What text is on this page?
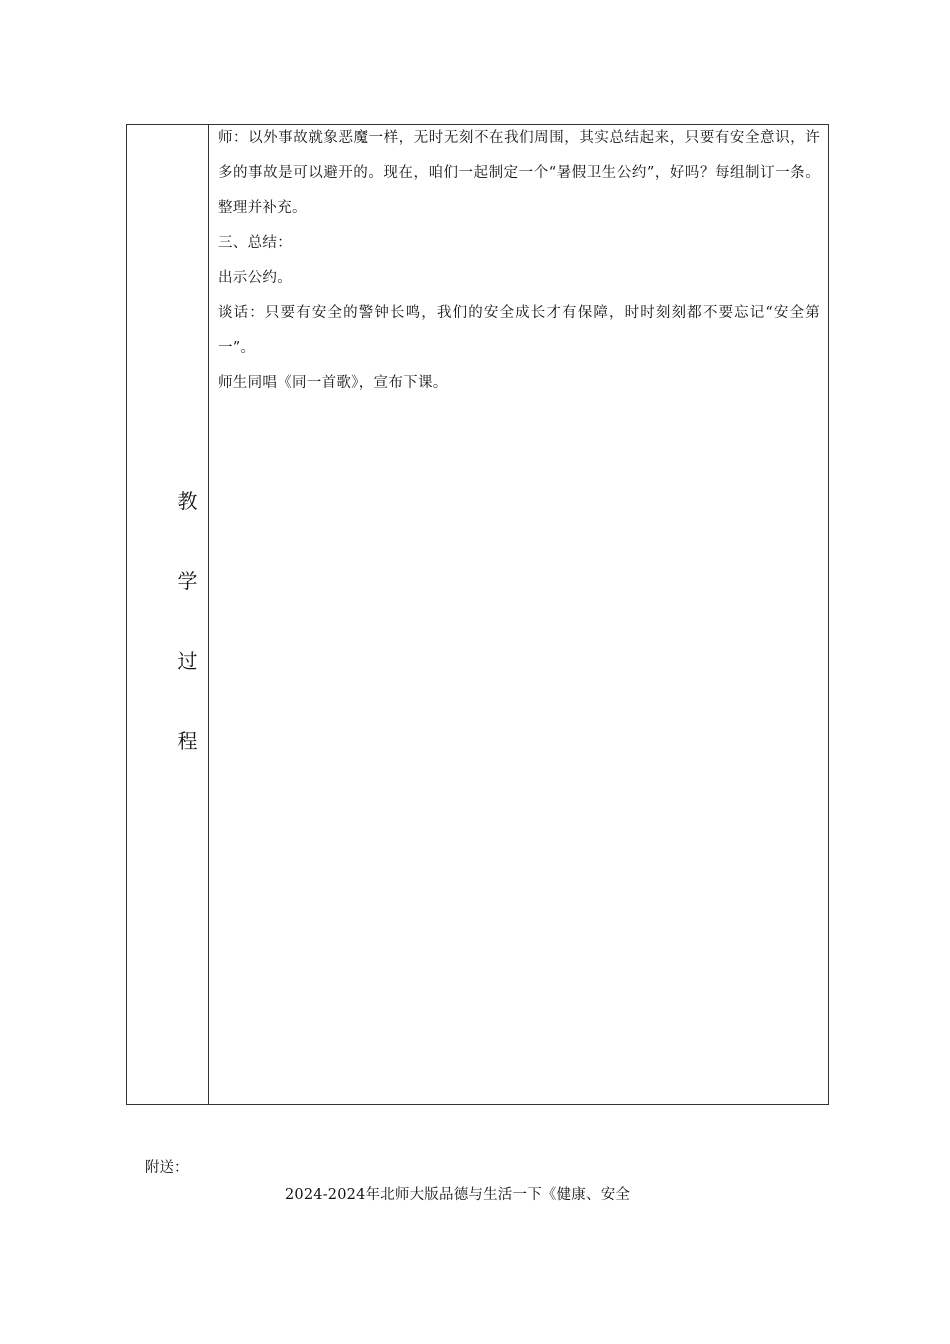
教
学
过
程

师：以外事故就象恶魔一样，无时无刻不在我们周围，其实总结起来，只要有安全意识，许多的事故是可以避开的。现在，咱们一起制定一个“暑假卫生公约”，好吗？每组制订一条。整理并补充。

三、总结：

出示公约。

谈话：只要有安全的警钟长鸣，我们的安全成长才有保障，时时刻刻都不要忘记“安全第一”。

师生同唱《同一首歌》，宣布下课。

附送：
2024-2024年北师大版品德与生活一下《健康、安全
